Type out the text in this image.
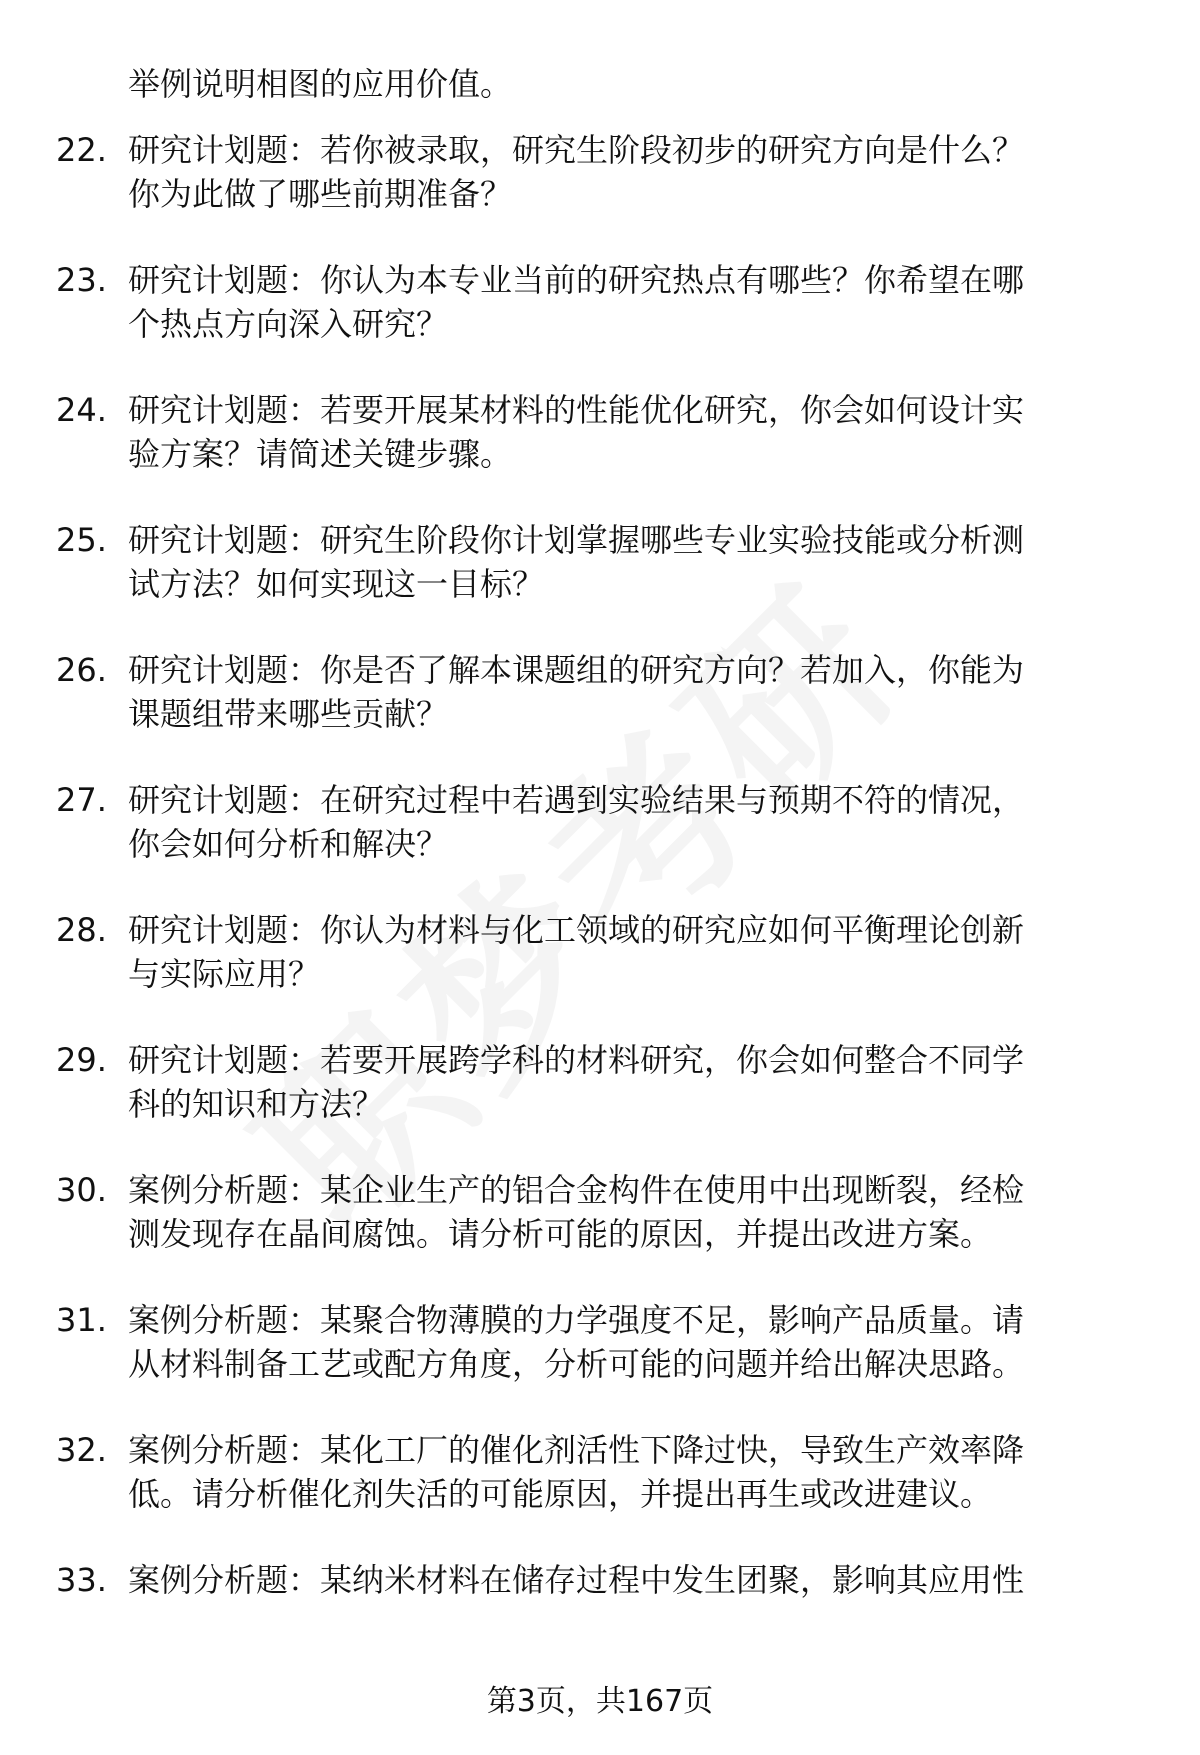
举例说明相图的应用价值。
22. 研究计划题：若你被录取，研究生阶段初步的研究方向是什么？
你为此做了哪些前期准备？
23. 研究计划题：你认为本专业当前的研究热点有哪些？你希望在哪
个热点方向深入研究？
24. 研究计划题：若要开展某材料的性能优化研究，你会如何设计实
验方案？请简述关键步骤。
25. 研究计划题：研究生阶段你计划掌握哪些专业实验技能或分析测
试方法？如何实现这一目标？
26. 研究计划题：你是否了解本课题组的研究方向？若加入，你能为
课题组带来哪些贡献？
27. 研究计划题：在研究过程中若遇到实验结果与预期不符的情况，
你会如何分析和解决？
28. 研究计划题：你认为材料与化工领域的研究应如何平衡理论创新
与实际应用？
29. 研究计划题：若要开展跨学科的材料研究，你会如何整合不同学
科的知识和方法？
30. 案例分析题：某企业生产的铝合金构件在使用中出现断裂，经检
测发现存在晶间腐蚀。请分析可能的原因，并提出改进方案。
31. 案例分析题：某聚合物薄膜的力学强度不足，影响产品质量。请
从材料制备工艺或配方角度，分析可能的问题并给出解决思路。
32. 案例分析题：某化工厂的催化剂活性下降过快，导致生产效率降
低。请分析催化剂失活的可能原因，并提出再生或改进建议。
33. 案例分析题：某纳米材料在储存过程中发生团聚，影响其应用性
第3页，共167页
